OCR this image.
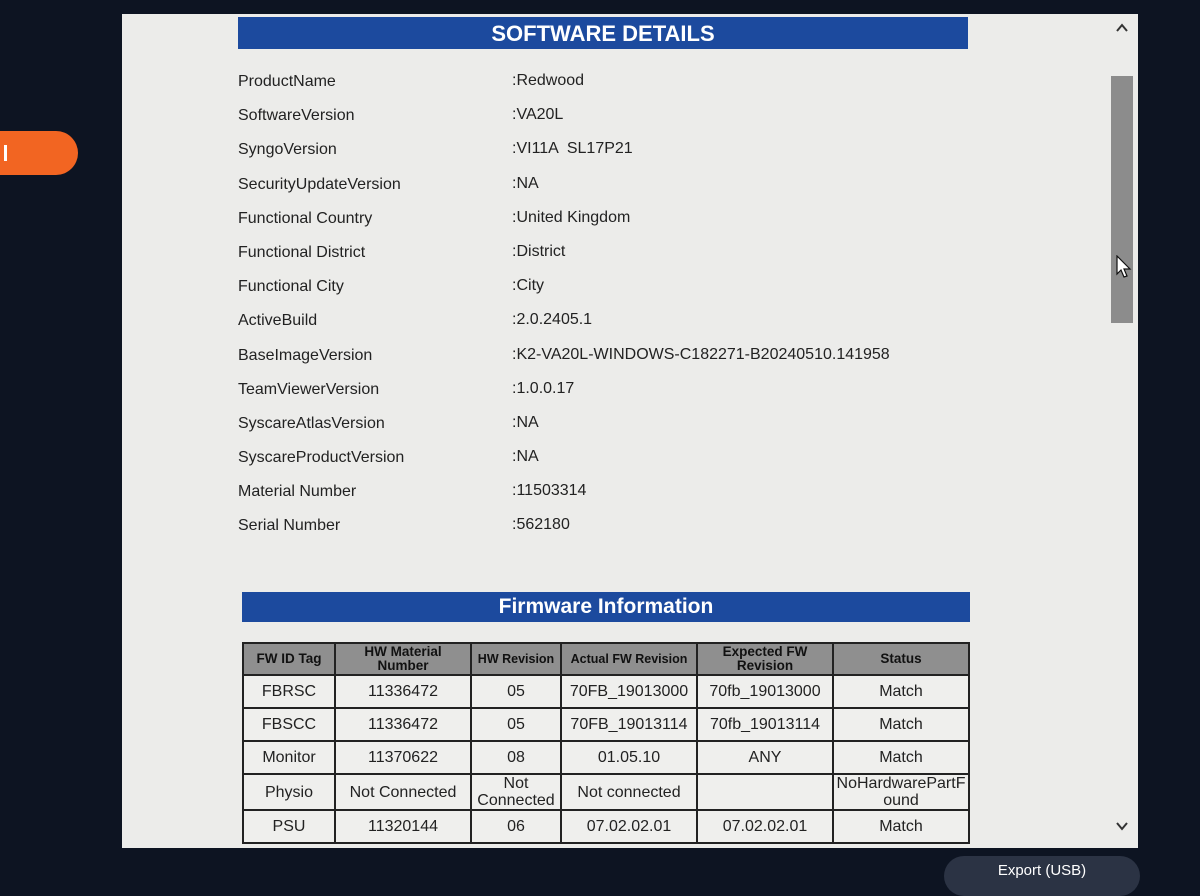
SOFTWARE DETAILS
ProductName	: Redwood
SoftwareVersion	: VA20L
SyngoVersion	: VI11A  SL17P21
SecurityUpdateVersion	: NA
Functional Country	: United Kingdom
Functional District	: District
Functional City	: City
ActiveBuild	: 2.0.2405.1
BaseImageVersion	: K2-VA20L-WINDOWS-C182271-B20240510.141958
TeamViewerVersion	: 1.0.0.17
SyscareAtlasVersion	: NA
SyscareProductVersion	: NA
Material Number	: 11503314
Serial Number	: 562180
Firmware Information
FW ID Tag	HW Material Number	HW Revision	Actual FW Revision	Expected FW Revision	Status
FBRSC	11336472	05	70FB_19013000	70fb_19013000	Match
FBSCC	11336472	05	70FB_19013114	70fb_19013114	Match
Monitor	11370622	08	01.05.10	ANY	Match
Physio	Not Connected	Not Connected	Not connected		NoHardwarePartFound
PSU	11320144	06	07.02.02.01	07.02.02.01	Match
Export (USB)
